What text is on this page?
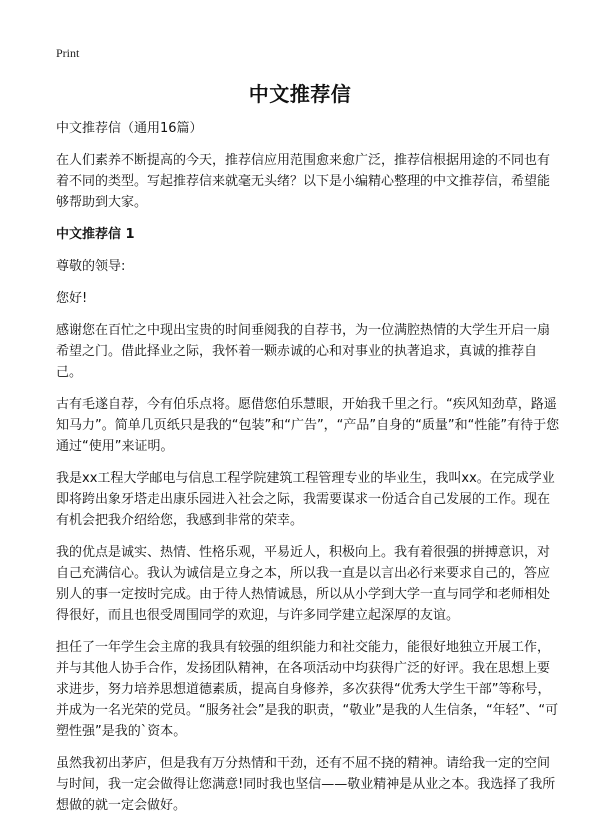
Print
中文推荐信

中文推荐信（通用16篇）

在人们素养不断提高的今天，推荐信应用范围愈来愈广泛，推荐信根据用途的不同也有着不同的类型。写起推荐信来就毫无头绪？以下是小编精心整理的中文推荐信，希望能够帮助到大家。

中文推荐信 1

尊敬的领导:

您好!

感谢您在百忙之中现出宝贵的时间垂阅我的自荐书，为一位满腔热情的大学生开启一扇希望之门。借此择业之际，我怀着一颗赤诚的心和对事业的执著追求，真诚的推荐自己。

古有毛遂自荐，今有伯乐点将。愿借您伯乐慧眼，开始我千里之行。“疾风知劲草，路遥知马力”。简单几页纸只是我的“包装”和“广告”，“产品”自身的“质量”和“性能”有待于您通过“使用”来证明。

我是xx工程大学邮电与信息工程学院建筑工程管理专业的毕业生，我叫xx。在完成学业即将跨出象牙塔走出康乐园进入社会之际，我需要谋求一份适合自己发展的工作。现在有机会把我介绍给您，我感到非常的荣幸。

我的优点是诚实、热情、性格乐观，平易近人，积极向上。我有着很强的拼搏意识，对自己充满信心。我认为诚信是立身之本，所以我一直是以言出必行来要求自己的，答应别人的事一定按时完成。由于待人热情诚恳，所以从小学到大学一直与同学和老师相处得很好，而且也很受周围同学的欢迎，与许多同学建立起深厚的友谊。

担任了一年学生会主席的我具有较强的组织能力和社交能力，能很好地独立开展工作，并与其他人协手合作，发扬团队精神，在各项活动中均获得广泛的好评。我在思想上要求进步，努力培养思想道德素质，提高自身修养，多次获得“优秀大学生干部”等称号，并成为一名光荣的党员。“服务社会”是我的职责，“敬业”是我的人生信条，“年轻”、“可塑性强”是我的`资本。

虽然我初出茅庐，但是我有万分热情和干劲，还有不屈不挠的精神。请给我一定的空间与时间，我一定会做得让您满意!同时我也坚信——敬业精神是从业之本。我选择了我所想做的就一定会做好。
